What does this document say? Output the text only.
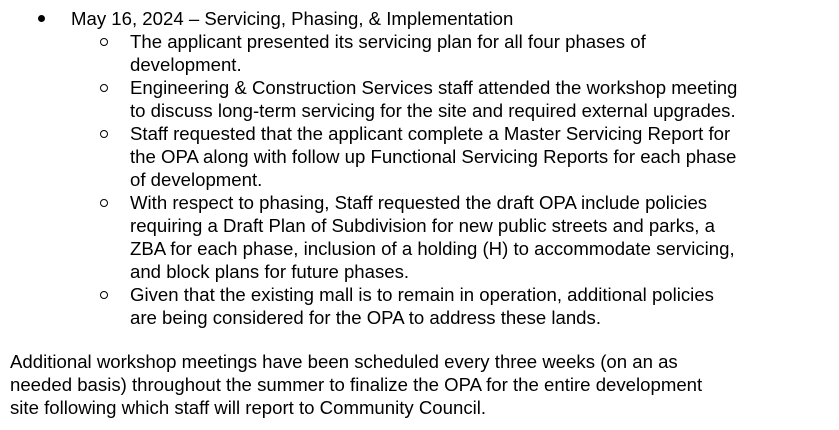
May 16, 2024 – Servicing, Phasing, & Implementation
The applicant presented its servicing plan for all four phases of
development.
Engineering & Construction Services staff attended the workshop meeting
to discuss long-term servicing for the site and required external upgrades.
Staff requested that the applicant complete a Master Servicing Report for
the OPA along with follow up Functional Servicing Reports for each phase
of development.
With respect to phasing, Staff requested the draft OPA include policies
requiring a Draft Plan of Subdivision for new public streets and parks, a
ZBA for each phase, inclusion of a holding (H) to accommodate servicing,
and block plans for future phases.
Given that the existing mall is to remain in operation, additional policies
are being considered for the OPA to address these lands.
Additional workshop meetings have been scheduled every three weeks (on an as
needed basis) throughout the summer to finalize the OPA for the entire development
site following which staff will report to Community Council.
